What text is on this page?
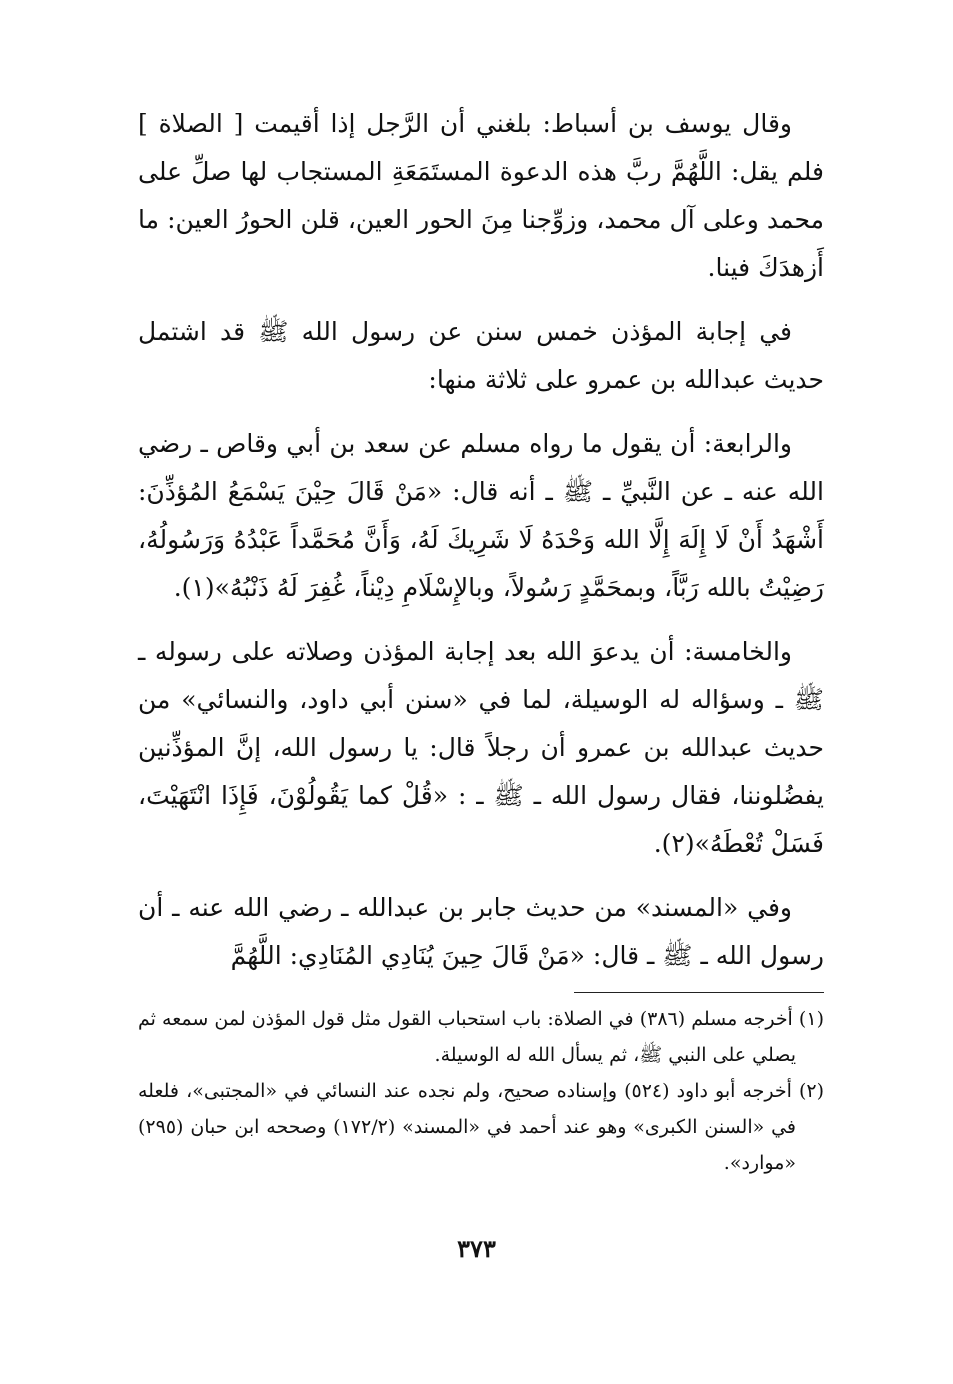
وقال يوسف بن أسباط: بلغني أن الرَّجل إذا أقيمت [ الصلاة ] فلم يقل: اللَّهُمَّ ربَّ هذه الدعوة المستَمَعَةِ المستجاب لها صلِّ على محمد وعلى آل محمد، وزوِّجنا مِنَ الحور العين، قلن الحورُ العين: ما أَزهدَكَ فينا.

في إجابة المؤذن خمس سنن عن رسول الله ﷺ قد اشتمل حديث عبدالله بن عمرو على ثلاثة منها:

والرابعة: أن يقول ما رواه مسلم عن سعد بن أبي وقاص ـ رضي الله عنه ـ عن النَّبيِّ ـ ﷺ ـ أنه قال: «مَنْ قَالَ حِيْنَ يَسْمَعُ المُؤذِّنَ: أَشْهَدُ أَنْ لَا إِلَهَ إِلَّا الله وَحْدَهُ لَا شَرِيكَ لَهُ، وَأَنَّ مُحَمَّداً عَبْدُهُ وَرَسُولُهُ، رَضِيْتُ بالله رَبَّاً، وبمحَمَّدٍ رَسُولاً، وبالإِسْلَامِ دِيْناً، غُفِرَ لَهُ ذَنْبُهُ»(١).

والخامسة: أن يدعوَ الله بعد إجابة المؤذن وصلاته على رسوله ـ ﷺ ـ وسؤاله له الوسيلة، لما في «سنن أبي داود، والنسائي» من حديث عبدالله بن عمرو أن رجلاً قال: يا رسول الله، إنَّ المؤذِّنين يفضُلوننا، فقال رسول الله ـ ﷺ ـ : «قُلْ كما يَقُولُوْنَ، فَإِذَا انْتَهَيْتَ، فَسَلْ تُعْطَهُ»(٢).

وفي «المسند» من حديث جابر بن عبدالله ـ رضي الله عنه ـ أن رسول الله ـ ﷺ ـ قال: «مَنْ قَالَ حِينَ يُنَادِي المُنَادِي: اللَّهُمَّ

(١) أخرجه مسلم (٣٨٦) في الصلاة: باب استحباب القول مثل قول المؤذن لمن سمعه ثم يصلي على النبي ﷺ، ثم يسأل الله له الوسيلة.

(٢) أخرجه أبو داود (٥٢٤) وإسناده صحيح، ولم نجده عند النسائي في «المجتبى»، فلعله في «السنن الكبرى» وهو عند أحمد في «المسند» (١٧٢/٢) وصححه ابن حبان (٢٩٥) «موارد».

٣٧٣
